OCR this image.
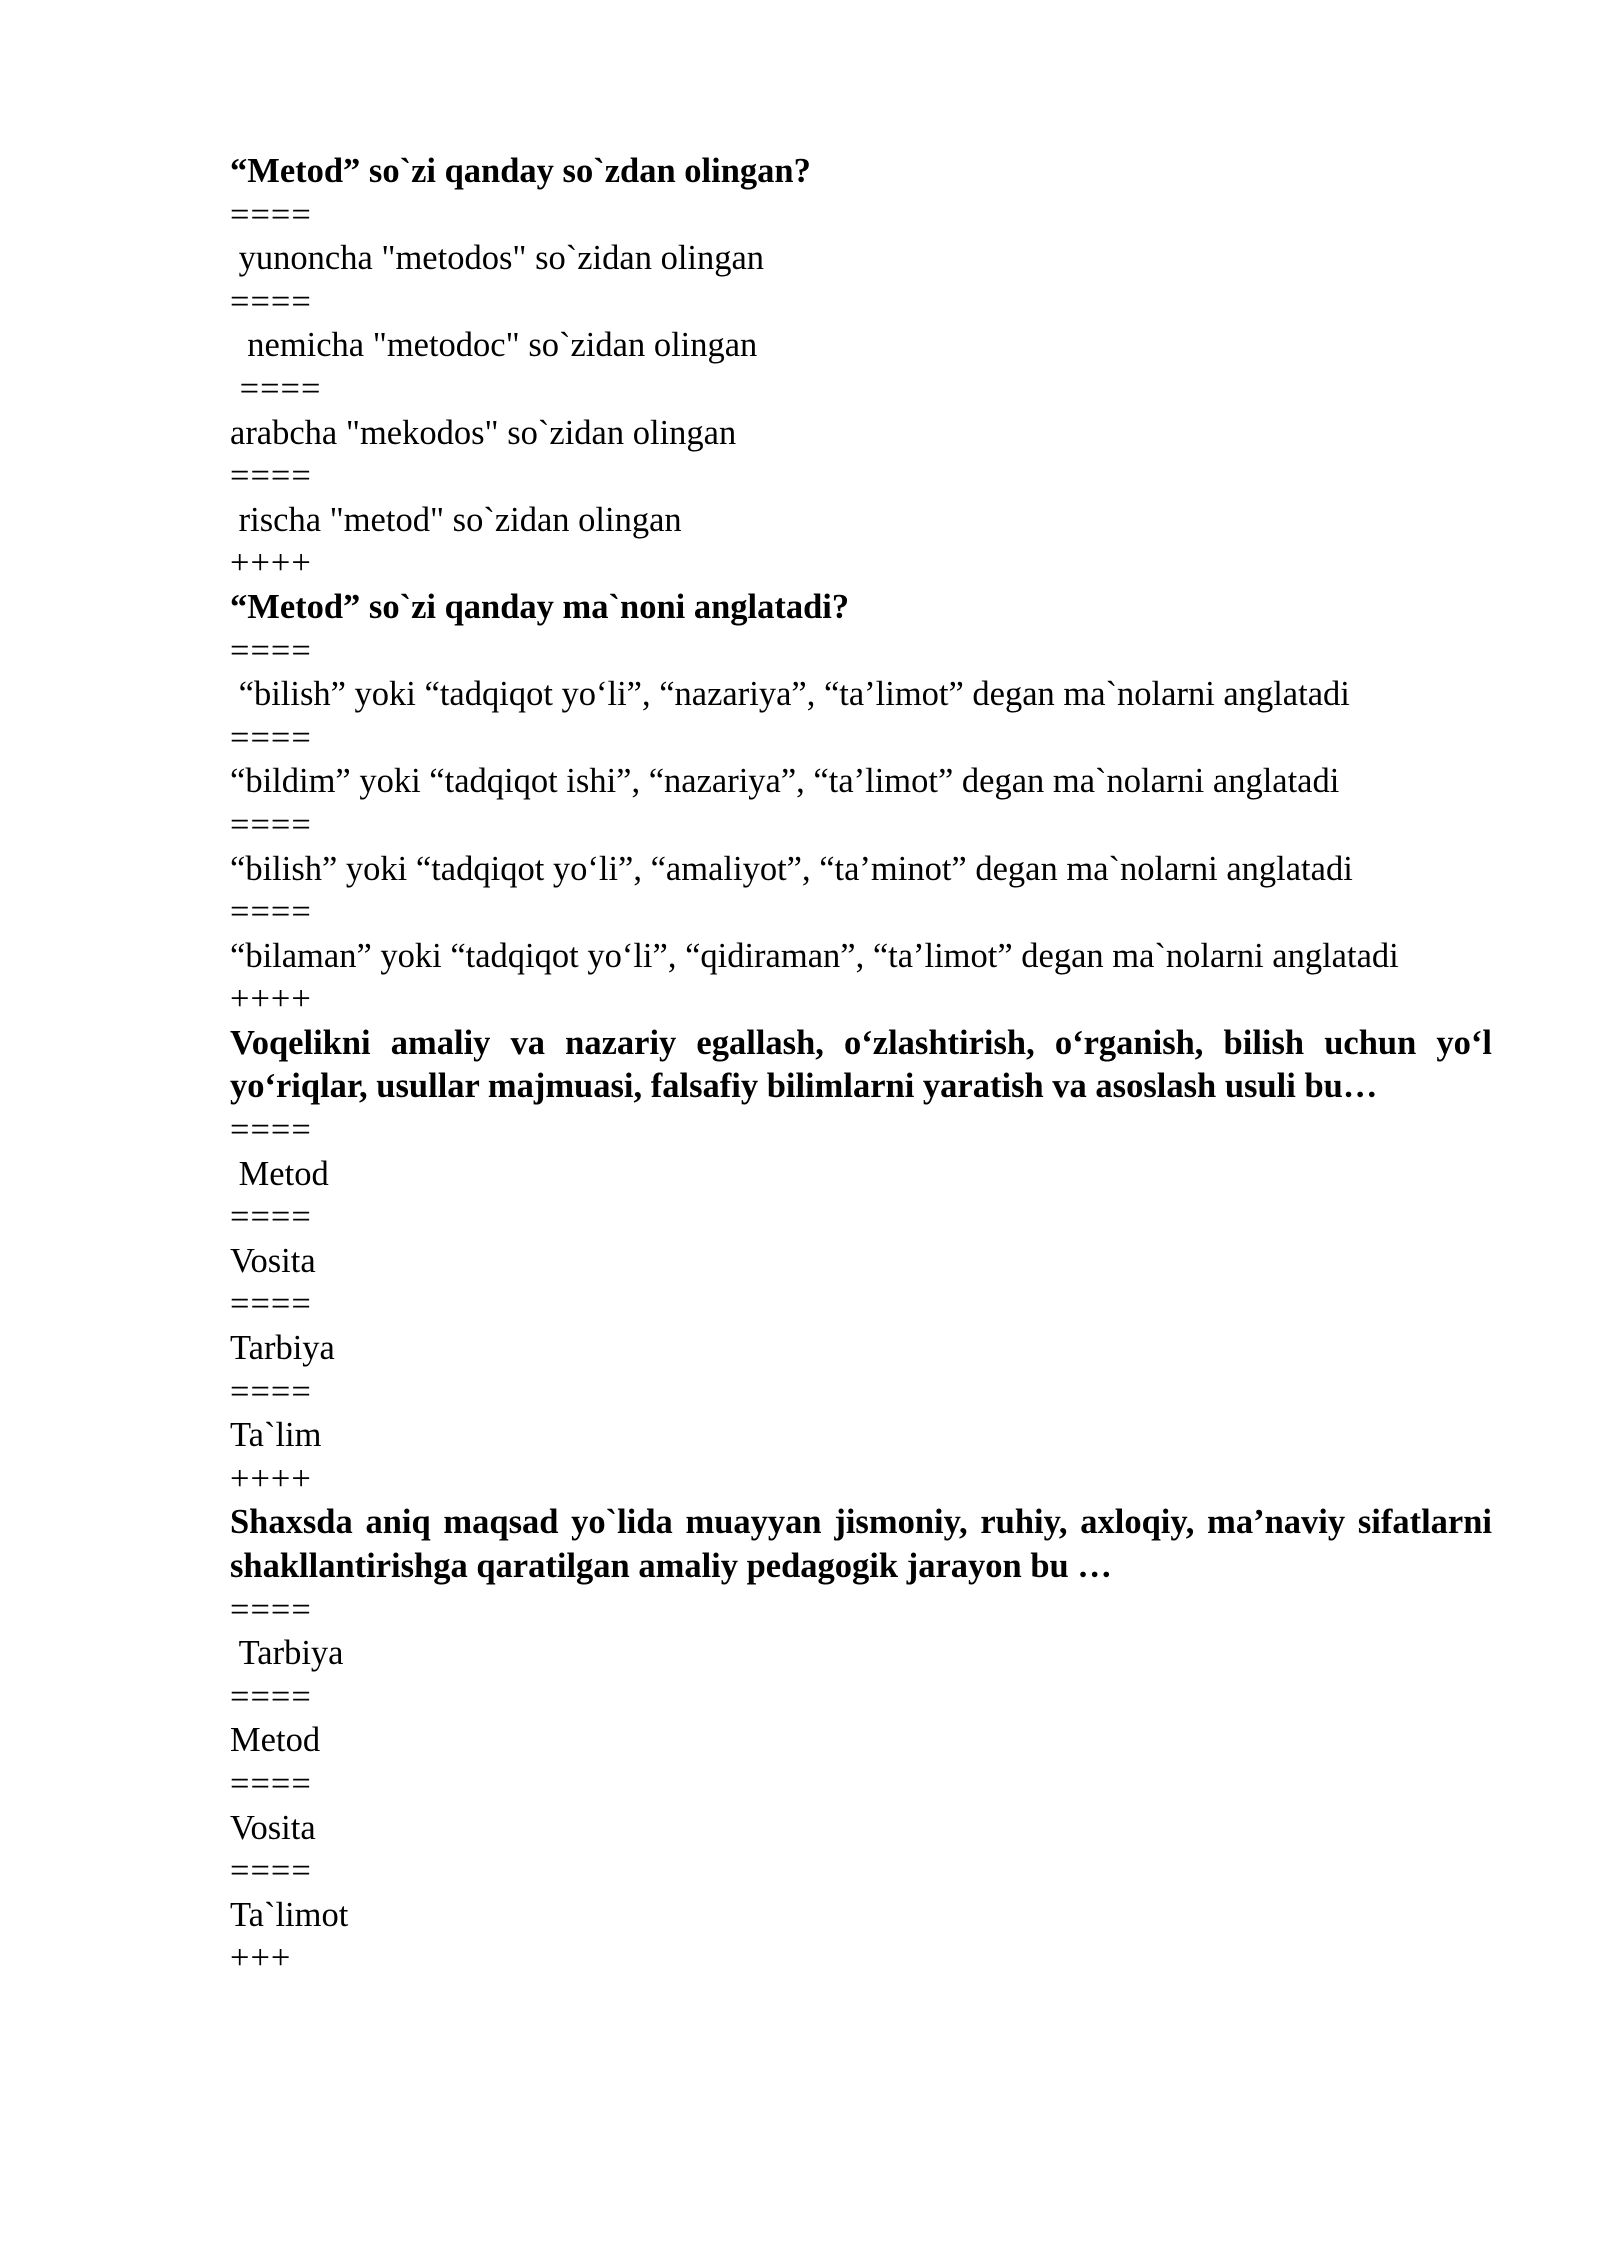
“Metod” so`zi qanday so`zdan olingan?

====

yunoncha "metodos" so`zidan olingan

====

nemicha "metodoc" so`zidan olingan

====

arabcha "mekodos" so`zidan olingan

====

rischa "metod" so`zidan olingan

++++

“Metod” so`zi qanday ma`noni anglatadi?

====

“bilish” yoki “tadqiqot yo‘li”, “nazariya”, “ta’limot” degan ma`nolarni anglatadi

====

“bildim” yoki “tadqiqot ishi”, “nazariya”, “ta’limot” degan ma`nolarni anglatadi

====

“bilish” yoki “tadqiqot yo‘li”, “amaliyot”, “ta’minot” degan ma`nolarni anglatadi

====

“bilaman” yoki “tadqiqot yo‘li”, “qidiraman”, “ta’limot” degan ma`nolarni anglatadi

++++

Voqelikni amaliy va nazariy egallash, o‘zlashtirish, o‘rganish, bilish uchun yo‘l yo‘riqlar, usullar majmuasi, falsafiy bilimlarni yaratish va asoslash usuli bu…

====

Metod

====

Vosita

====

Tarbiya

====

Ta`lim

++++

Shaxsda aniq maqsad yo`lida muayyan jismoniy, ruhiy, axloqiy, ma’naviy sifatlarni shakllantirishga qaratilgan amaliy pedagogik jarayon bu …

====

Tarbiya

====

Metod

====

Vosita

====

Ta`limot

+++
